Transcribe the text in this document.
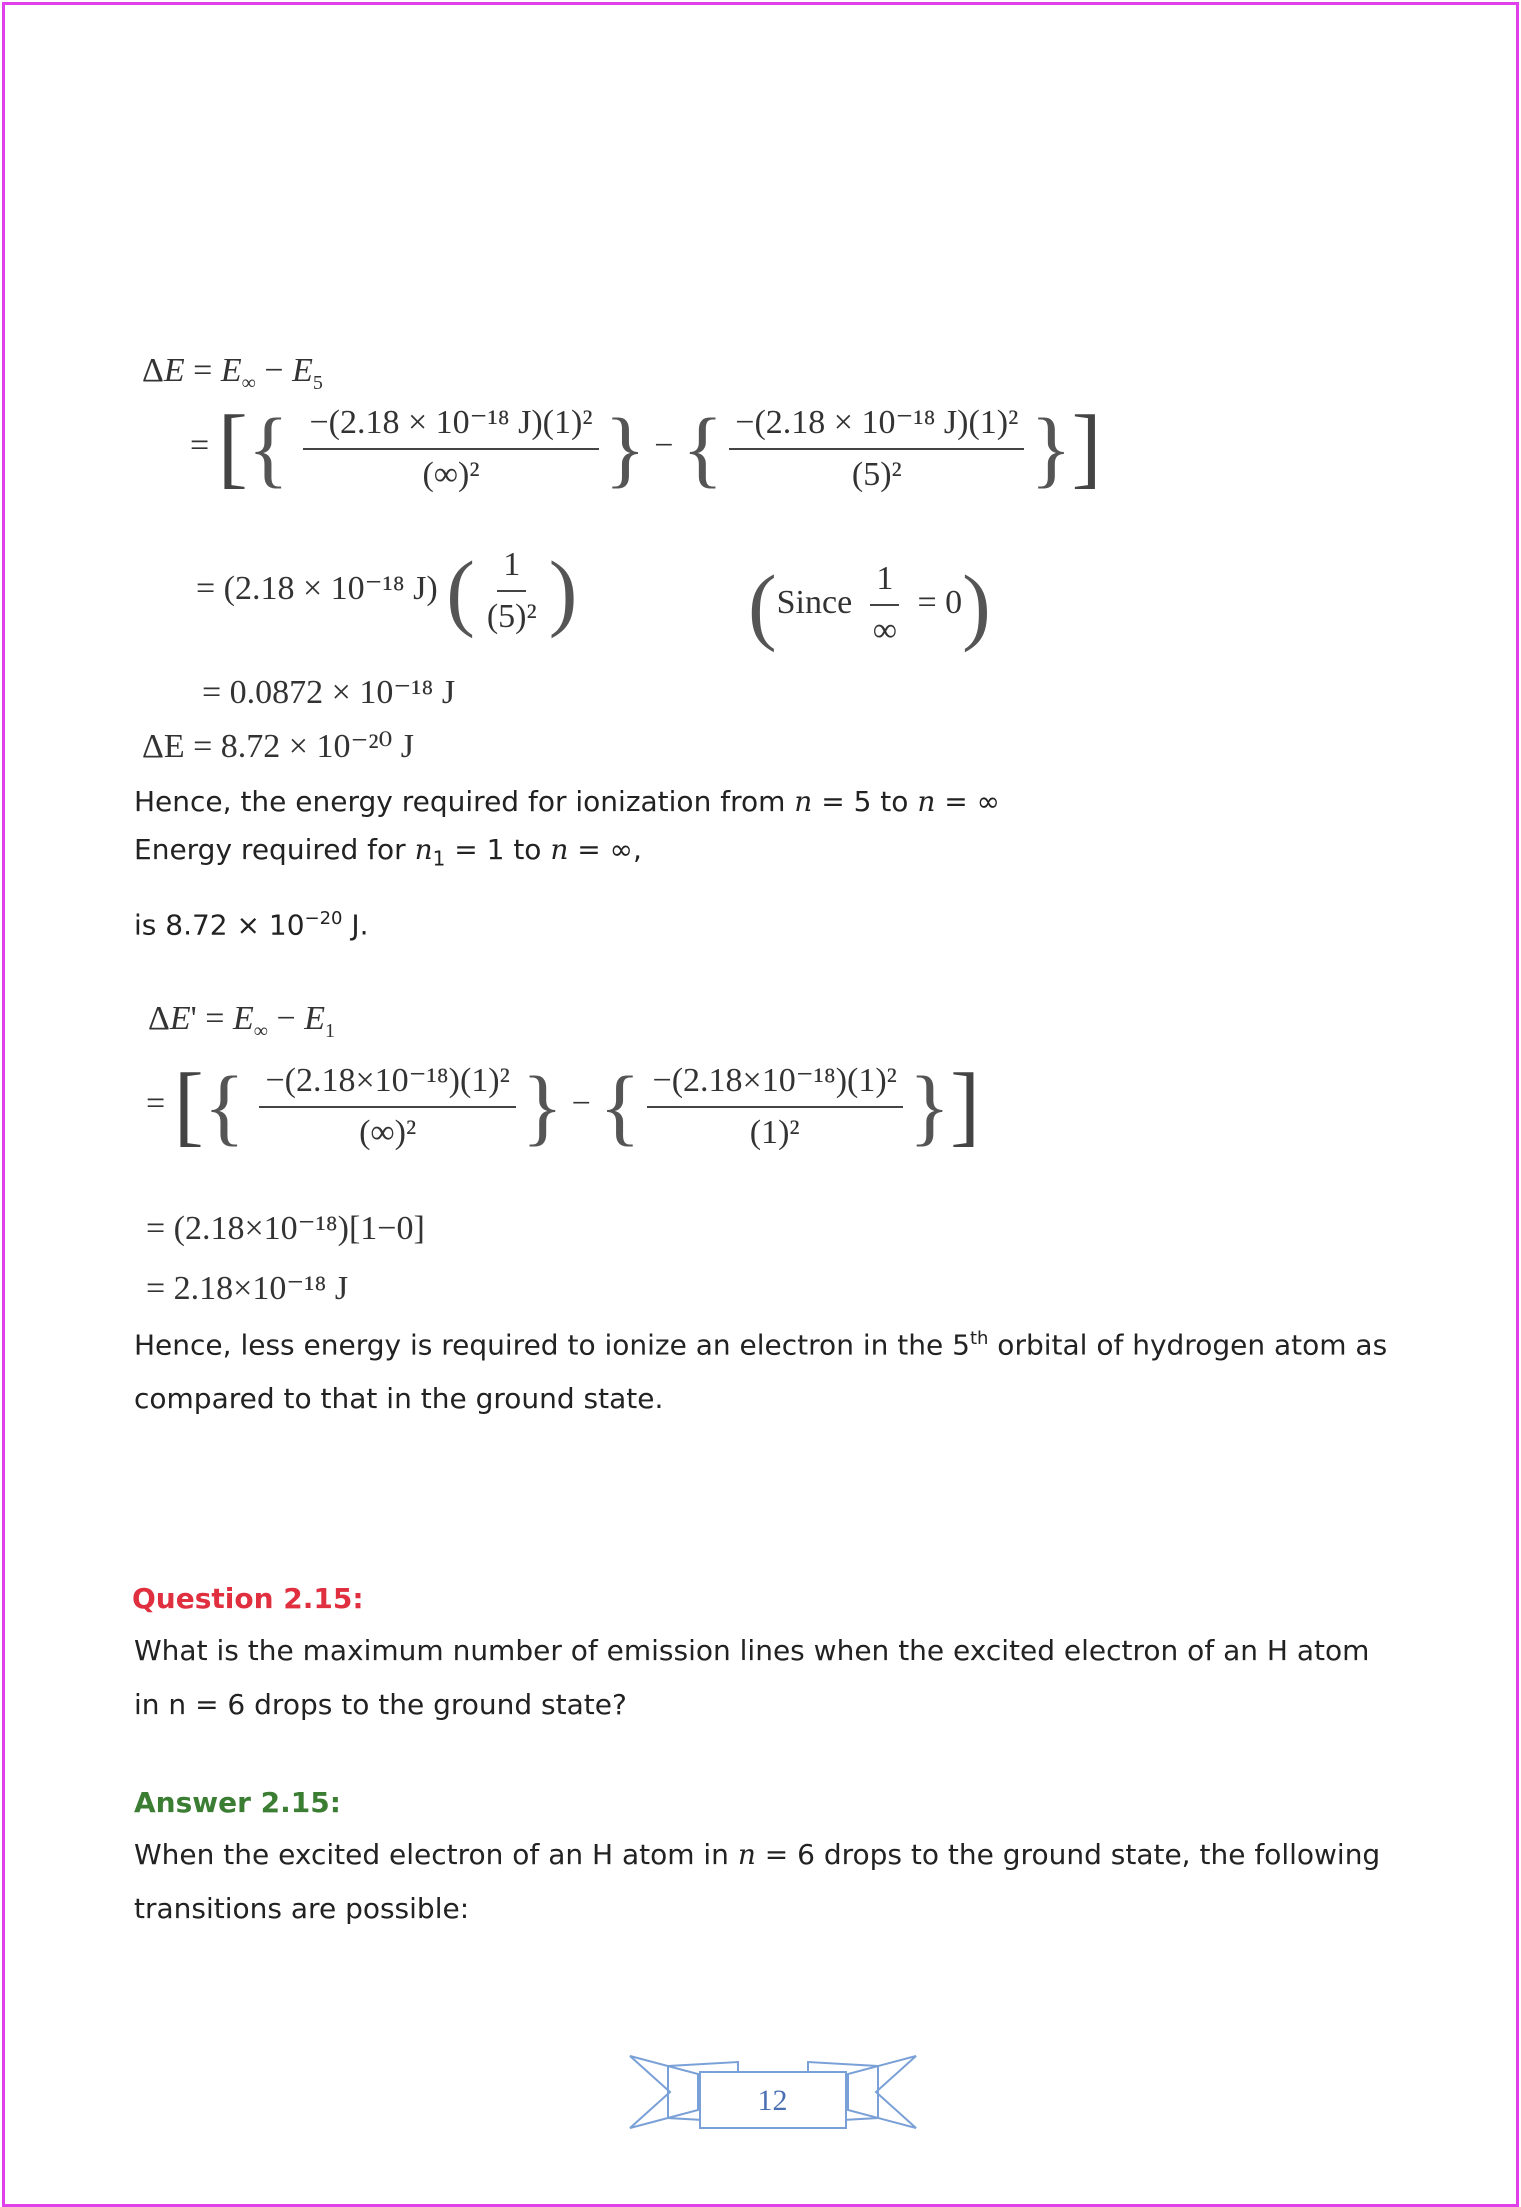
$\Delta E = E_\infty - E_5$
= [{ $\frac{\text{−(2.18 × 10⁻¹⁸ J)(1)²}}{\text{(∞)²}}$ } − { $\frac{\text{−(2.18 × 10⁻¹⁸ J)(1)²}}{\text{(5)²}}$ }]
= (2.18 × 10⁻¹⁸ J) ( $\frac{1}{\text{(5)²}}$ ) (Since $\frac{1}{\infty} = 0$)
= 0.0872 × 10⁻¹⁸ J
ΔE = 8.72 × 10⁻²⁰ J
Hence, the energy required for ionization from n = 5 to n = ∞
Energy required for $n_1 = 1$ to n = ∞,
is $8.72 \times 10^{-20}$ J.
$\Delta E' = E_\infty - E_1$
= [{ $\frac{\text{−(2.18×10⁻¹⁸)(1)²}}{\text{(∞)²}}$ } − { $\frac{\text{−(2.18×10⁻¹⁸)(1)²}}{\text{(1)²}}$ }]
= (2.18×10⁻¹⁸)[1−0]
= 2.18×10⁻¹⁸ J
Hence, less energy is required to ionize an electron in the 5th orbital of hydrogen atom as compared to that in the ground state.
Question 2.15:
What is the maximum number of emission lines when the excited electron of an H atom in n = 6 drops to the ground state?
Answer 2.15:
When the excited electron of an H atom in n = 6 drops to the ground state, the following transitions are possible:
12
